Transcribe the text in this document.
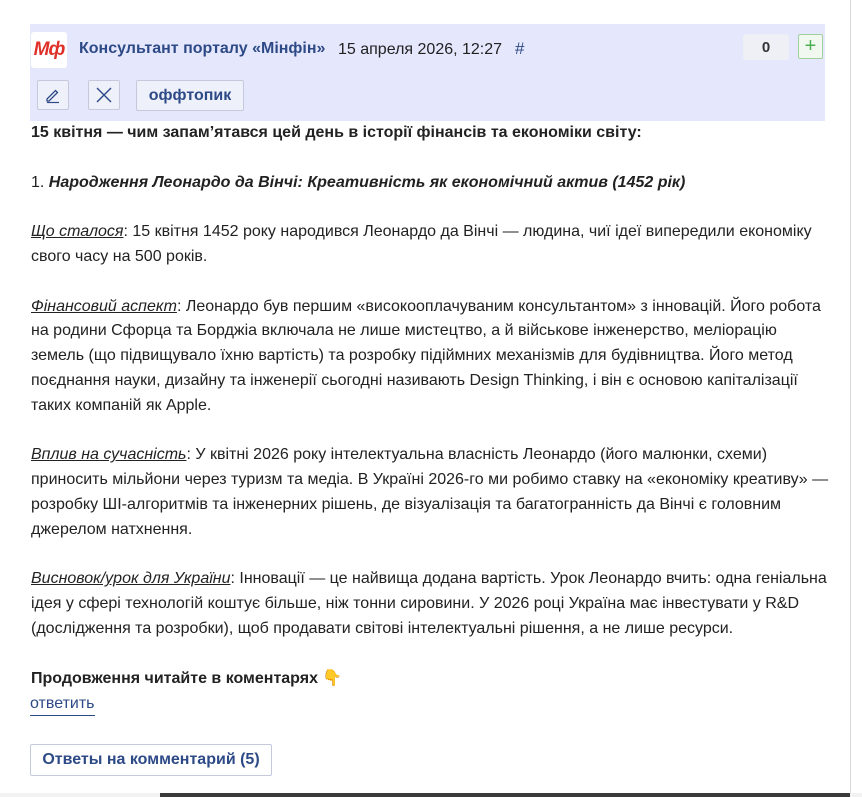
Мф Консультант порталу «Мінфін» 15 апреля 2026, 12:27 #	0	+
оффтопик

15 квітня — чим запам’ятався цей день в історії фінансів та економіки світу:

1. Народження Леонардо да Вінчі: Креативність як економічний актив (1452 рік)

Що сталося: 15 квітня 1452 року народився Леонардо да Вінчі — людина, чиї ідеї випередили економіку свого часу на 500 років.

Фінансовий аспект: Леонардо був першим «високооплачуваним консультантом» з інновацій. Його робота на родини Сфорца та Борджіа включала не лише мистецтво, а й військове інженерство, меліорацію земель (що підвищувало їхню вартість) та розробку підіймних механізмів для будівництва. Його метод поєднання науки, дизайну та інженерії сьогодні називають Design Thinking, і він є основою капіталізації таких компаній як Apple.

Вплив на сучасність: У квітні 2026 року інтелектуальна власність Леонардо (його малюнки, схеми) приносить мільйони через туризм та медіа. В Україні 2026-го ми робимо ставку на «економіку креативу» — розробку ШІ-алгоритмів та інженерних рішень, де візуалізація та багатогранність да Вінчі є головним джерелом натхнення.

Висновок/урок для України: Інновації — це найвища додана вартість. Урок Леонардо вчить: одна геніальна ідея у сфері технологій коштує більше, ніж тонни сировини. У 2026 році Україна має інвестувати у R&D (дослідження та розробки), щоб продавати світові інтелектуальні рішення, а не лише ресурси.

Продовження читайте в коментарях 👇

ответить
Ответы на комментарий (5)
